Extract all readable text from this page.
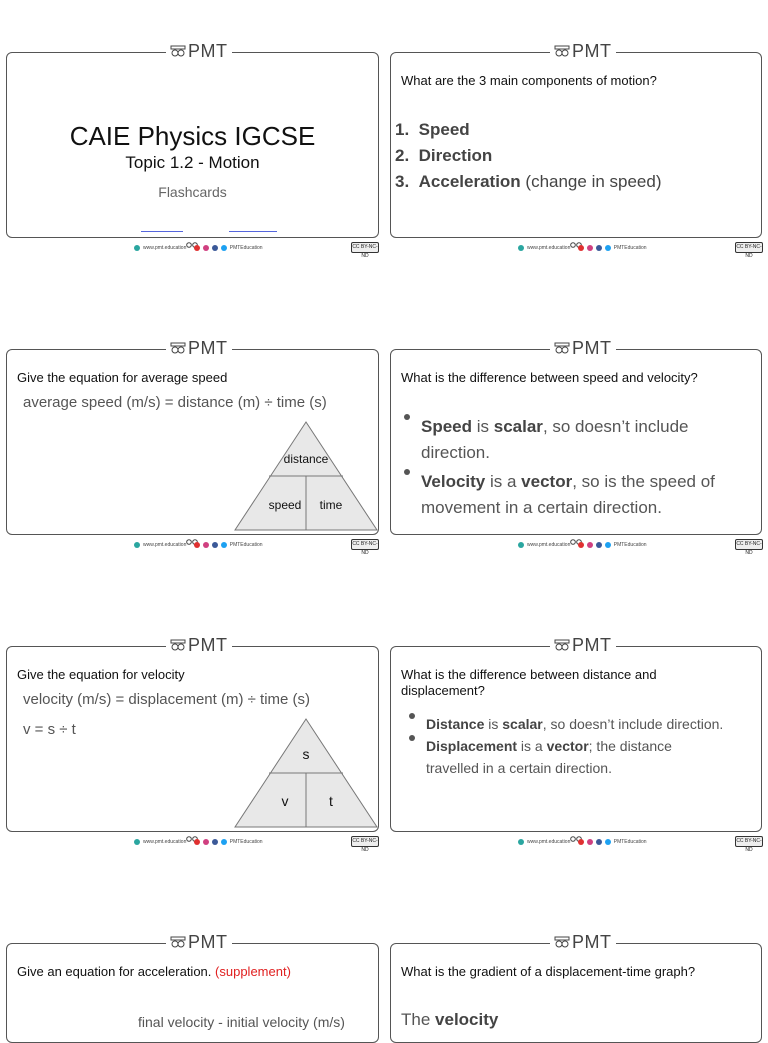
CAIE Physics IGCSE
Topic 1.2 - Motion
Flashcards
What are the 3 main components of motion?
1. Speed
2. Direction
3. Acceleration (change in speed)
Give the equation for average speed
average speed (m/s) = distance (m) ÷ time (s)
distance
speed time
What is the difference between speed and velocity?
Speed is scalar, so doesn’t include direction.
Velocity is a vector, so is the speed of movement in a certain direction.
Give the equation for velocity
velocity (m/s) = displacement (m) ÷ time (s)
v = s ÷ t
s
v	t
What is the difference between distance and displacement?
Distance is scalar, so doesn’t include direction.
Displacement is a vector; the distance travelled in a certain direction.
Give an equation for acceleration. (supplement)
final velocity - initial velocity (m/s)
What is the gradient of a displacement-time graph?
The velocity
PMT
www.pmt.education
	PMTEducation	CC BY-NC-ND
PMT
www.pmt.education
	PMTEducation	CC BY-NC-ND
PMT
www.pmt.education
	PMTEducation	CC BY-NC-ND
PMT
www.pmt.education
	PMTEducation	CC BY-NC-ND
PMT
www.pmt.education
	PMTEducation	CC BY-NC-ND
PMT
www.pmt.education
	PMTEducation	CC BY-NC-ND
PMT	PMT
